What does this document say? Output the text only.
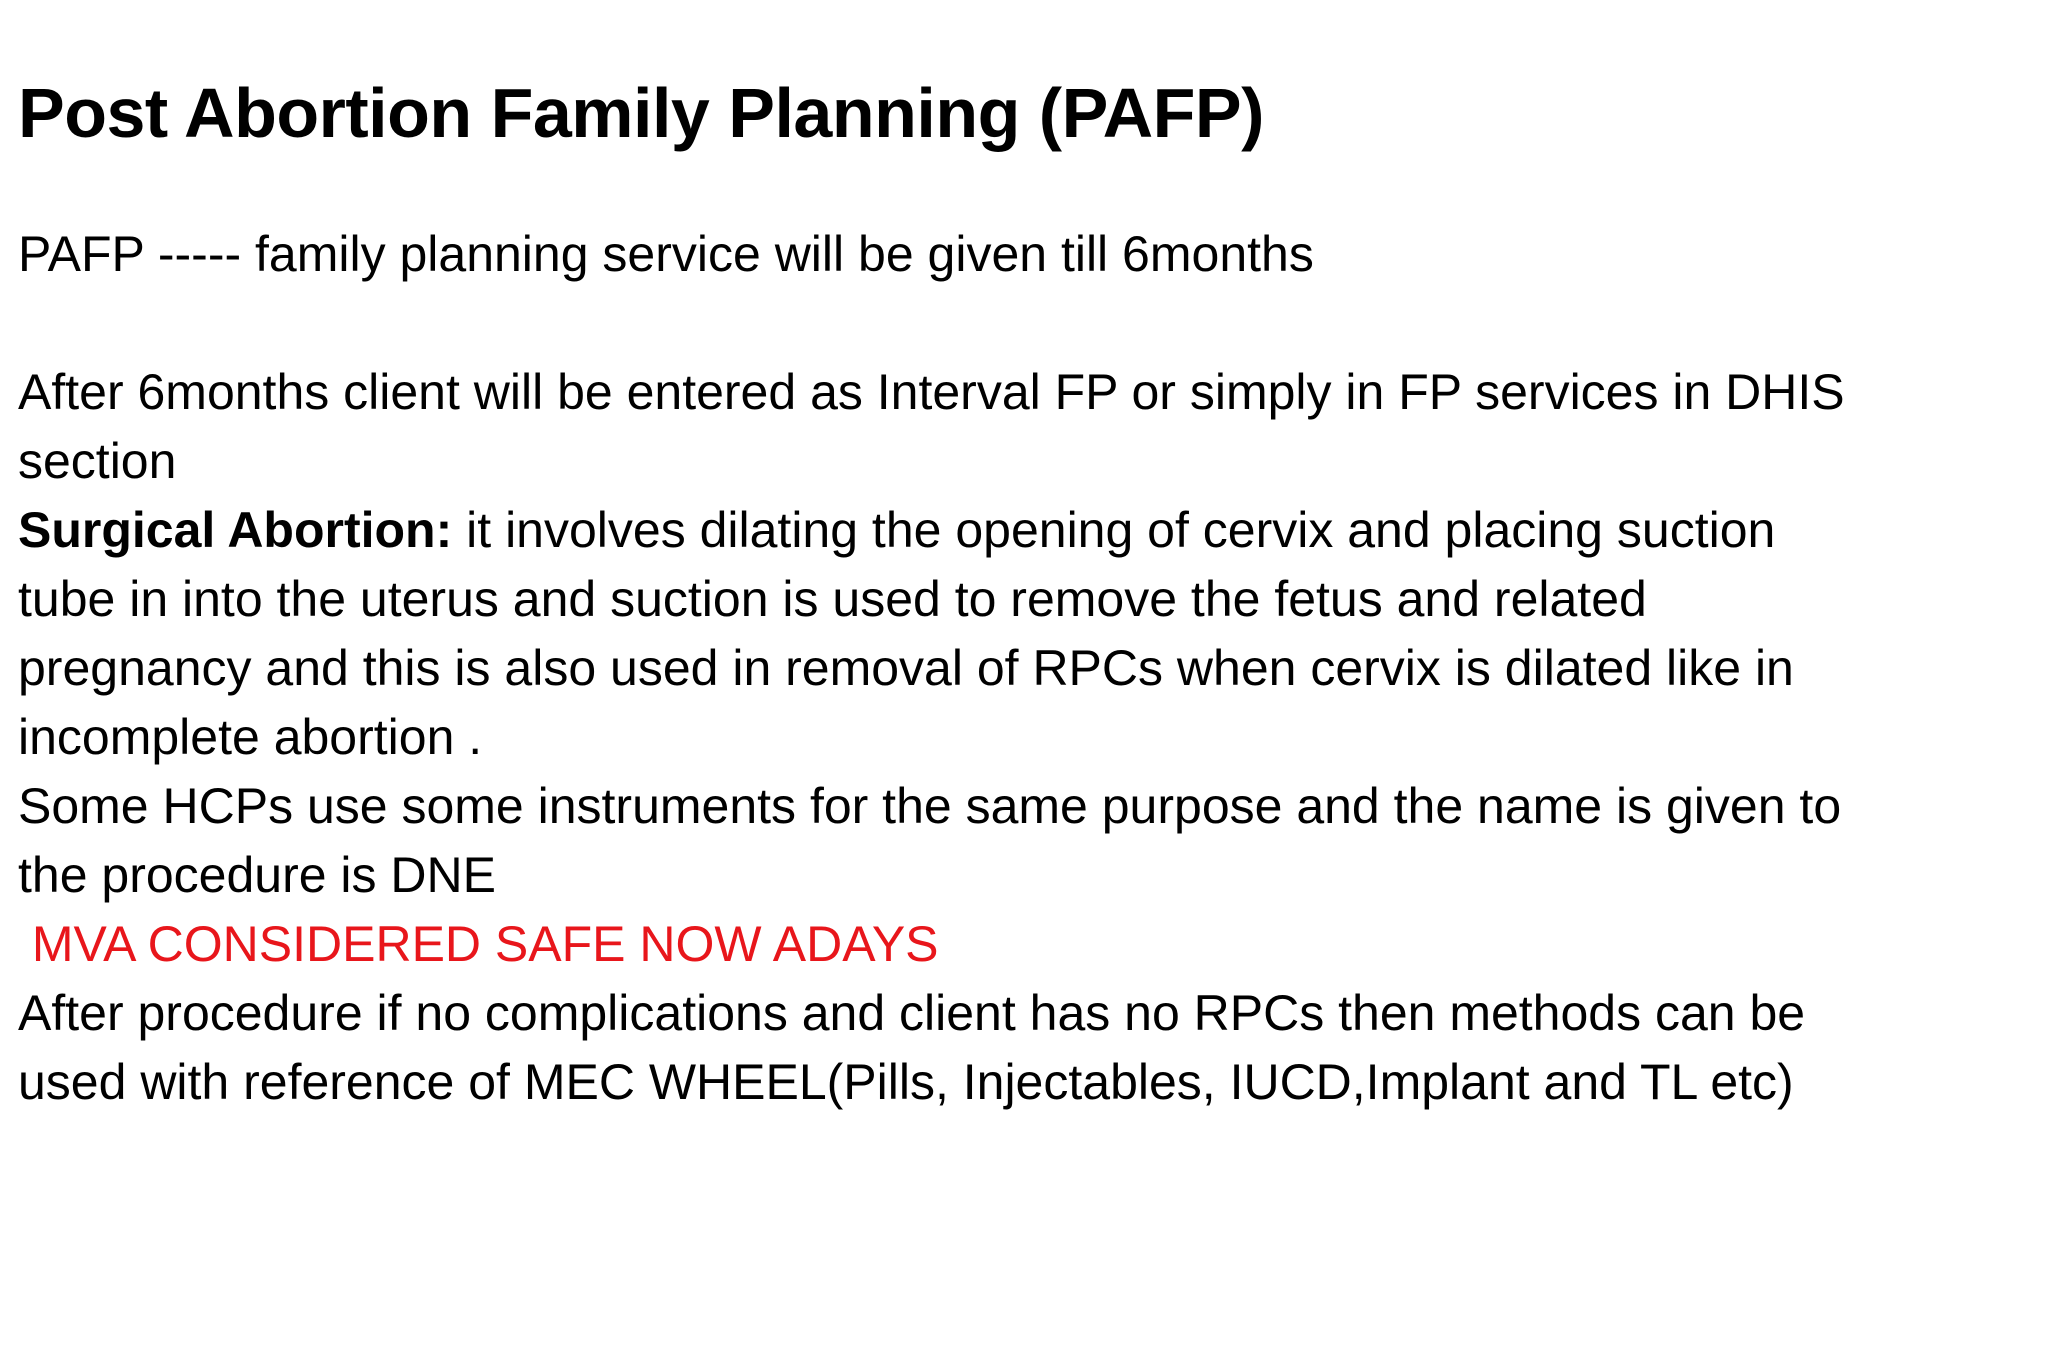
Post Abortion Family Planning (PAFP)
PAFP ----- family planning service will be given till 6months
After 6months client will be entered as Interval FP or simply in FP services in DHIS
section
Surgical Abortion: it involves dilating the opening of cervix and placing suction
tube in into the uterus and suction is used to remove the fetus and related
pregnancy and this is also used in removal of RPCs when cervix is dilated like in
incomplete abortion .
Some HCPs use some instruments for the same purpose and the name is given to
the procedure is DNE
MVA CONSIDERED SAFE NOW ADAYS
After procedure if no complications and client has no RPCs then methods can be
used with reference of MEC WHEEL(Pills, Injectables, IUCD,Implant and TL etc)
